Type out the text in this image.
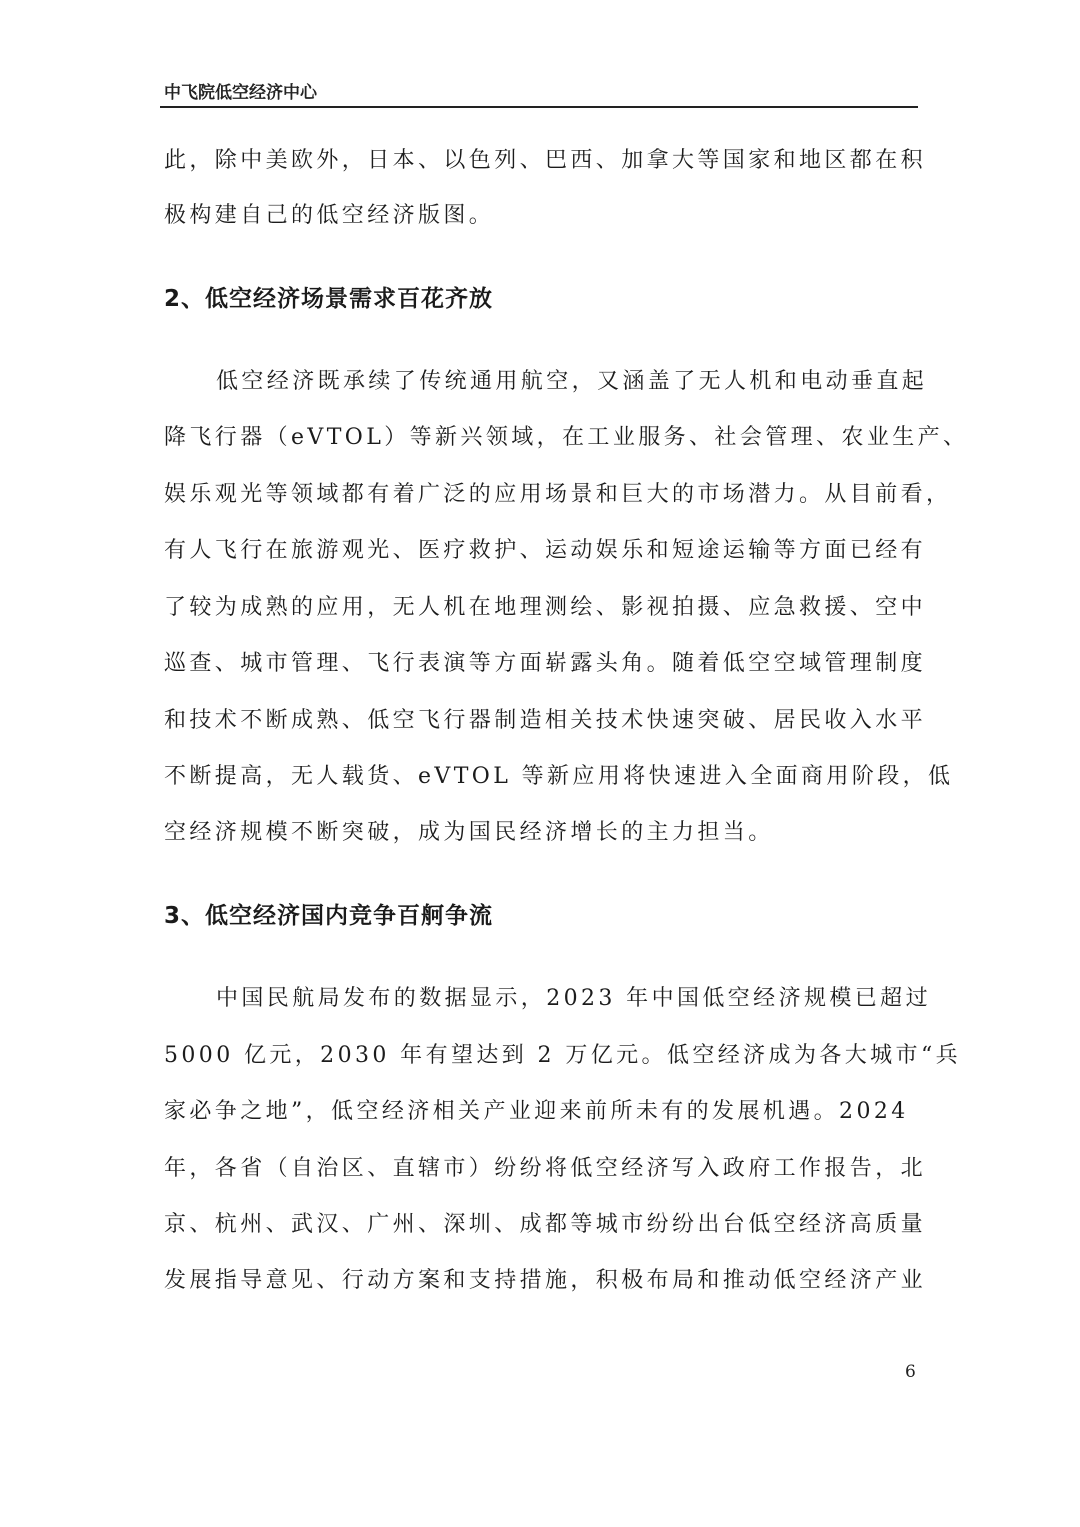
中飞院低空经济中心
此，除中美欧外，日本、以色列、巴西、加拿大等国家和地区都在积
极构建自己的低空经济版图。
2、低空经济场景需求百花齐放
低空经济既承续了传统通用航空，又涵盖了无人机和电动垂直起
降飞行器（eVTOL）等新兴领域，在工业服务、社会管理、农业生产、
娱乐观光等领域都有着广泛的应用场景和巨大的市场潜力。从目前看，
有人飞行在旅游观光、医疗救护、运动娱乐和短途运输等方面已经有
了较为成熟的应用，无人机在地理测绘、影视拍摄、应急救援、空中
巡查、城市管理、飞行表演等方面崭露头角。随着低空空域管理制度
和技术不断成熟、低空飞行器制造相关技术快速突破、居民收入水平
不断提高，无人载货、eVTOL 等新应用将快速进入全面商用阶段，低
空经济规模不断突破，成为国民经济增长的主力担当。
3、低空经济国内竞争百舸争流
中国民航局发布的数据显示，2023 年中国低空经济规模已超过
5000 亿元，2030 年有望达到 2 万亿元。低空经济成为各大城市“兵
家必争之地”，低空经济相关产业迎来前所未有的发展机遇。2024
年，各省（自治区、直辖市）纷纷将低空经济写入政府工作报告，北
京、杭州、武汉、广州、深圳、成都等城市纷纷出台低空经济高质量
发展指导意见、行动方案和支持措施，积极布局和推动低空经济产业
6
